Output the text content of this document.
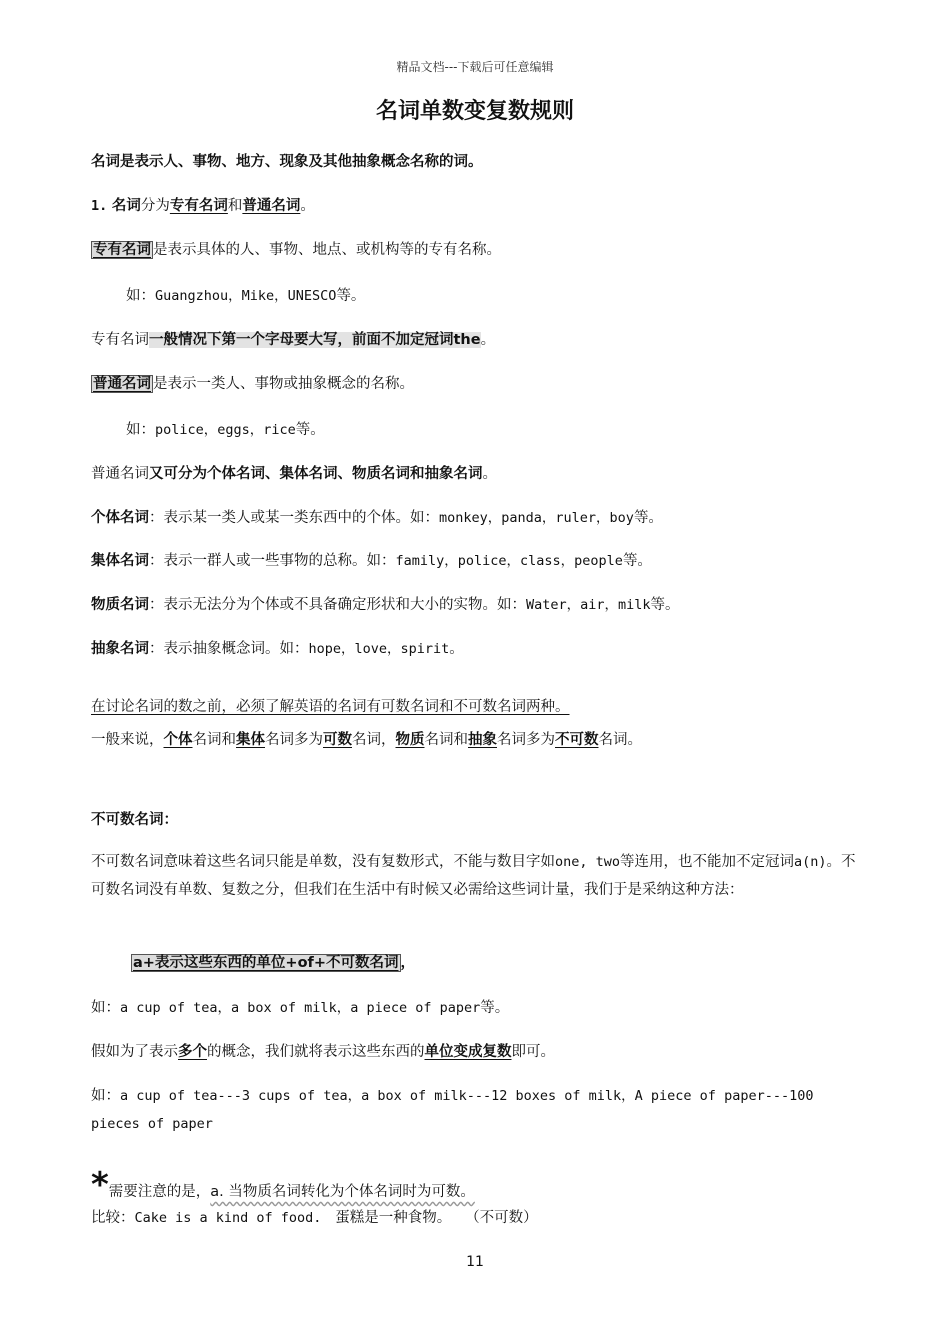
精品文档---下载后可任意编辑
名词单数变复数规则
名词是表示人、事物、地方、现象及其他抽象概念名称的词。
1. 名词分为专有名词和普通名词。
专有名词 是表示具体的人、事物、地点、或机构等的专有名称。
如：Guangzhou，Mike，UNESCO等。
专有名词一般情况下第一个字母要大写，前面不加定冠词the。
普通名词 是表示一类人、事物或抽象概念的名称。
如：police，eggs，rice等。
普通名词又可分为个体名词、集体名词、物质名词和抽象名词。
个体名词：表示某一类人或某一类东西中的个体。如：monkey，panda，ruler，boy等。
集体名词：表示一群人或一些事物的总称。如：family，police，class，people等。
物质名词：表示无法分为个体或不具备确定形状和大小的实物。如：Water，air，milk等。
抽象名词：表示抽象概念词。如：hope，love，spirit。
在讨论名词的数之前，必须了解英语的名词有可数名词和不可数名词两种。
一般来说，个体名词和集体名词多为可数名词，物质名词和抽象名词多为不可数名词。
不可数名词：
不可数名词意味着这些名词只能是单数，没有复数形式，不能与数目字如one, two等连用，也不能加不定冠词a(n)。不可数名词没有单数、复数之分，但我们在生活中有时候又必需给这些词计量，我们于是采纳这种方法：
a+表示这些东西的单位+of+不可数名词 ，
如：a cup of tea，a box of milk，a piece of paper等。
假如为了表示多个的概念，我们就将表示这些东西的单位变成复数即可。
如：a cup of tea---3 cups of tea，a box of milk---12 boxes of milk，A piece of paper---100 pieces of paper
*需要注意的是，a. 当物质名词转化为个体名词时为可数。
比较：Cake is a kind of food. 蛋糕是一种食物。 （不可数）
11
